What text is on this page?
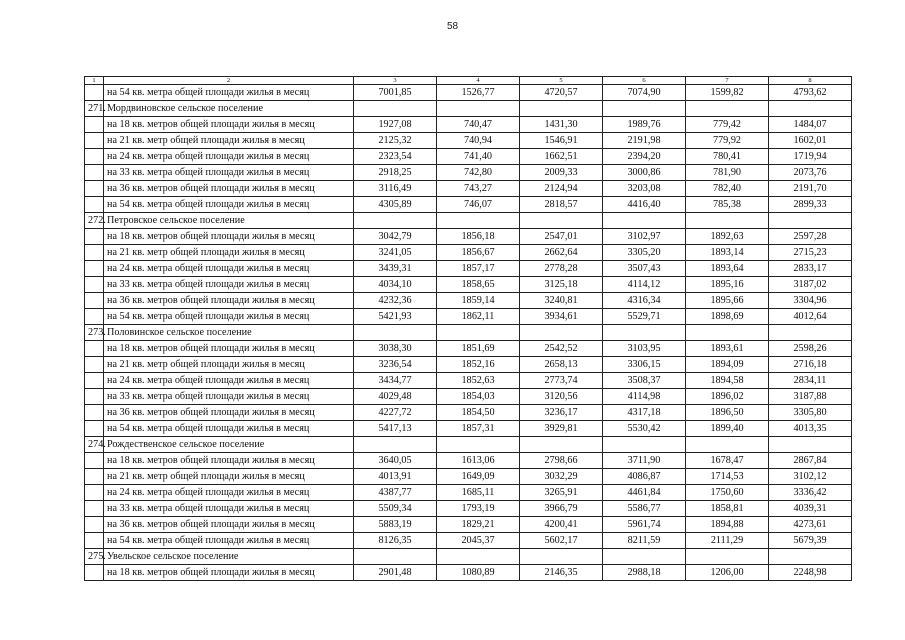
58
1	2	3	4	5	6	7	8
	на 54 кв. метра общей площади жилья в месяц	7001,85	1526,77	4720,57	7074,90	1599,82	4793,62
271.	Мордвиновское сельское поселение						
	на 18 кв. метров общей площади жилья в месяц	1927,08	740,47	1431,30	1989,76	779,42	1484,07
	на 21 кв. метр общей площади жилья в месяц	2125,32	740,94	1546,91	2191,98	779,92	1602,01
	на 24 кв. метра общей площади жилья в месяц	2323,54	741,40	1662,51	2394,20	780,41	1719,94
	на 33 кв. метра общей площади жилья в месяц	2918,25	742,80	2009,33	3000,86	781,90	2073,76
	на 36 кв. метров общей площади жилья в месяц	3116,49	743,27	2124,94	3203,08	782,40	2191,70
	на 54 кв. метра общей площади жилья в месяц	4305,89	746,07	2818,57	4416,40	785,38	2899,33
272.	Петровское сельское поселение						
	на 18 кв. метров общей площади жилья в месяц	3042,79	1856,18	2547,01	3102,97	1892,63	2597,28
	на 21 кв. метр общей площади жилья в месяц	3241,05	1856,67	2662,64	3305,20	1893,14	2715,23
	на 24 кв. метра общей площади жилья в месяц	3439,31	1857,17	2778,28	3507,43	1893,64	2833,17
	на 33 кв. метра общей площади жилья в месяц	4034,10	1858,65	3125,18	4114,12	1895,16	3187,02
	на 36 кв. метров общей площади жилья в месяц	4232,36	1859,14	3240,81	4316,34	1895,66	3304,96
	на 54 кв. метра общей площади жилья в месяц	5421,93	1862,11	3934,61	5529,71	1898,69	4012,64
273.	Половинское сельское поселение						
	на 18 кв. метров общей площади жилья в месяц	3038,30	1851,69	2542,52	3103,95	1893,61	2598,26
	на 21 кв. метр общей площади жилья в месяц	3236,54	1852,16	2658,13	3306,15	1894,09	2716,18
	на 24 кв. метра общей площади жилья в месяц	3434,77	1852,63	2773,74	3508,37	1894,58	2834,11
	на 33 кв. метра общей площади жилья в месяц	4029,48	1854,03	3120,56	4114,98	1896,02	3187,88
	на 36 кв. метров общей площади жилья в месяц	4227,72	1854,50	3236,17	4317,18	1896,50	3305,80
	на 54 кв. метра общей площади жилья в месяц	5417,13	1857,31	3929,81	5530,42	1899,40	4013,35
274.	Рождественское сельское поселение						
	на 18 кв. метров общей площади жилья в месяц	3640,05	1613,06	2798,66	3711,90	1678,47	2867,84
	на 21 кв. метр общей площади жилья в месяц	4013,91	1649,09	3032,29	4086,87	1714,53	3102,12
	на 24 кв. метра общей площади жилья в месяц	4387,77	1685,11	3265,91	4461,84	1750,60	3336,42
	на 33 кв. метра общей площади жилья в месяц	5509,34	1793,19	3966,79	5586,77	1858,81	4039,31
	на 36 кв. метров общей площади жилья в месяц	5883,19	1829,21	4200,41	5961,74	1894,88	4273,61
	на 54 кв. метра общей площади жилья в месяц	8126,35	2045,37	5602,17	8211,59	2111,29	5679,39
275.	Увельское сельское поселение						
	на 18 кв. метров общей площади жилья в месяц	2901,48	1080,89	2146,35	2988,18	1206,00	2248,98
